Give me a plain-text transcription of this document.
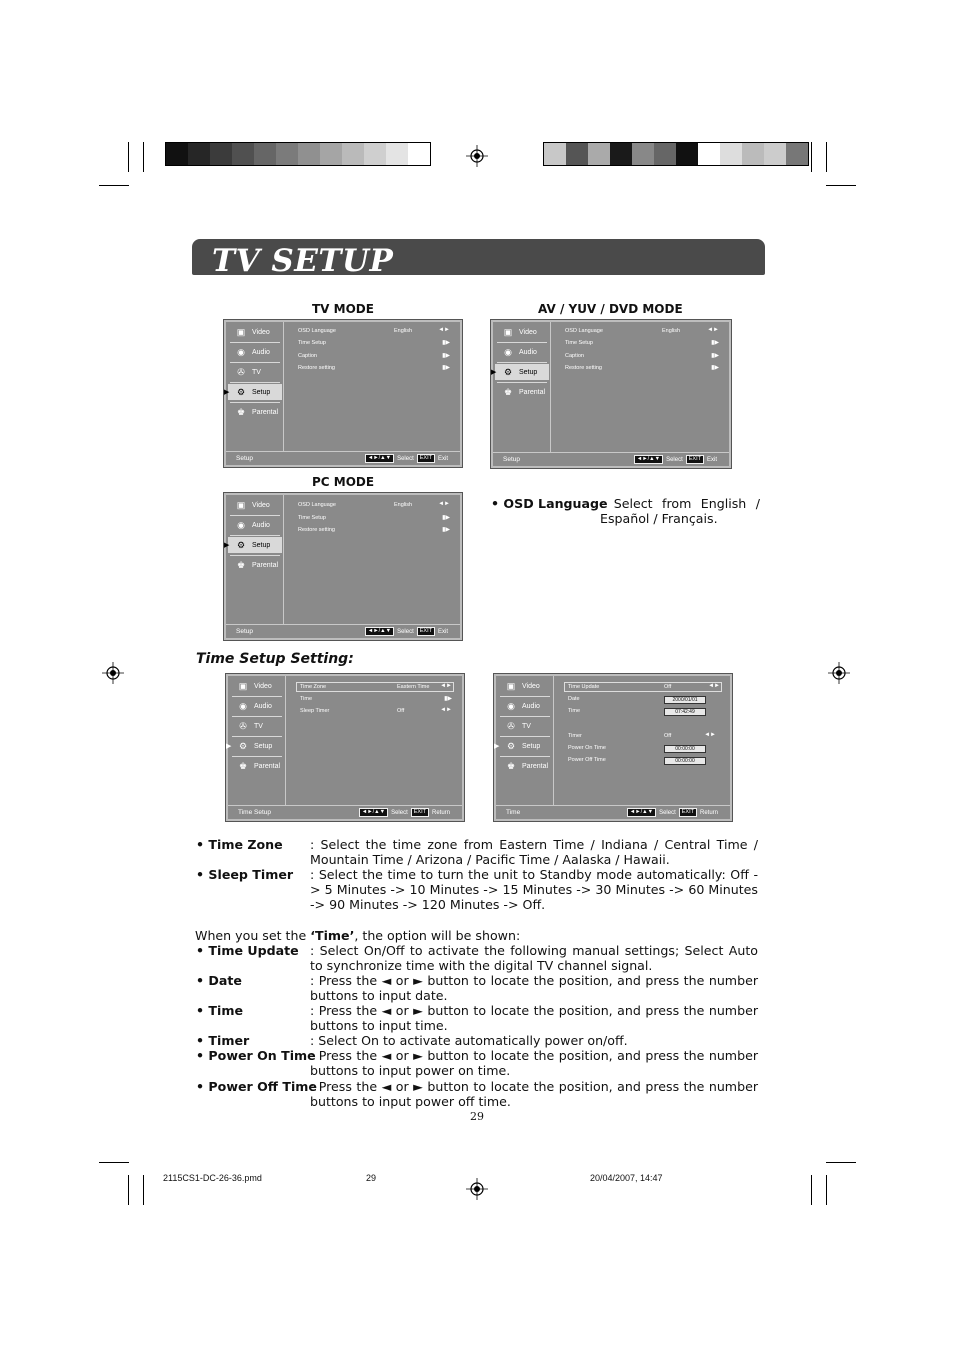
TV SETUP
TV MODE	AV / YUV / DVD MODE
PC MODE
▣ Video
◉	Audio
✇	TV
▶ ⚙ Setup
♚ Parental
OSD Language	English	◄►
Time Setup	▮▶
Caption	▮▶
Restore setting	▮▶
Setup	◄►/▲▼	Select	EXIT	Exit
▣ Video
◉	Audio
▶ ⚙ Setup
♚ Parental
OSD Language	English	◄►
Time Setup	▮▶
Caption	▮▶
Restore setting	▮▶
Setup	◄►/▲▼	Select	EXIT	Exit
▣ Video
◉	Audio
▶ ⚙ Setup
♚ Parental
OSD Language	English	◄►
Time Setup	▮▶
Restore setting	▮▶
Setup	◄►/▲▼	Select	EXIT	Exit
• OSD Language
: Select from English / Español / Français.
Time Setup Setting:
▣ Video
◉	Audio
✇	TV
▶ ⚙ Setup
♚ Parental
Time Zone	Eastern Time ◄►
Time	▮▶
Sleep Timer	Off	◄►
Time Setup	◄►/▲▼	Select	EXIT	Return
▣ Video
◉	Audio
✇	TV
▶ ⚙ Setup
♚ Parental
Time Update	Off	◄►
Date	2000/01/01
Time	07:42:49
Timer	Off	◄►
Power On Time	00:00:00
Power Off Time	00:00:00
Time	◄►/▲▼	Select	EXIT	Return
• Time Zone : Select the time zone from Eastern Time / Indiana / Central Time / Mountain Time / Arizona / Pacific Time / Aalaska / Hawaii.
• Sleep Timer : Select the time to turn the unit to Standby mode automatically: Off -> 5 Minutes -> 10 Minutes -> 15 Minutes -> 30 Minutes -> 60 Minutes -> 90 Minutes -> 120 Minutes -> Off.
When you set the ‘Time’, the option will be shown:
• Time Update : Select On/Off to activate the following manual settings; Select Auto to synchronize time with the digital TV channel signal.
• Date	: Press the ◄ or ► button to locate the position, and press the number buttons to input date.
• Time	: Press the ◄ or ► button to locate the position, and press the number buttons to input time.
• Timer	: Select On to activate automatically power on/off.
• Power On Time
: Press the ◄ or ► button to locate the position, and press the number buttons to input power on time.
• Power Off Time
: Press the ◄ or ► button to locate the position, and press the number buttons to input power off time.
29
2115CS1-DC-26-36.pmd	29	20/04/2007, 14:47
